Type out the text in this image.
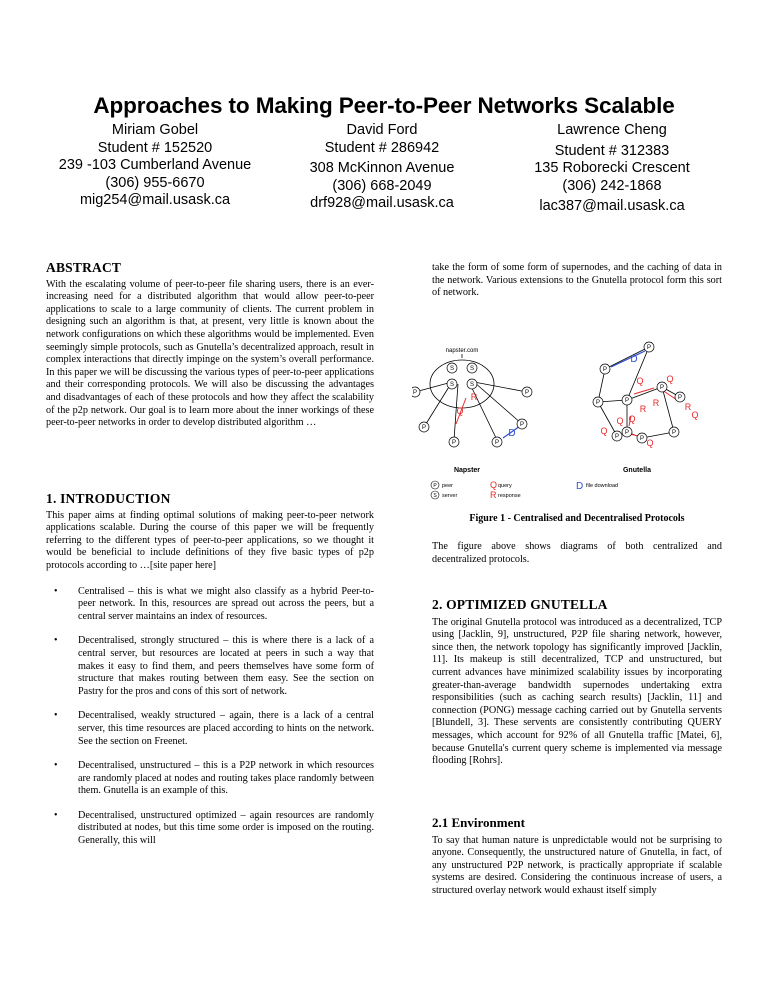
Approaches to Making Peer-to-Peer Networks Scalable
Miriam Gobel
Student # 152520
239 -103 Cumberland Avenue
(306) 955-6670
mig254@mail.usask.ca
David Ford
Student # 286942
308 McKinnon Avenue
(306) 668-2049
drf928@mail.usask.ca
Lawrence Cheng
Student # 312383
135 Roborecki Crescent
(306) 242-1868
lac387@mail.usask.ca
ABSTRACT

With the escalating volume of peer-to-peer file sharing users, there is an ever-increasing need for a distributed algorithm that would allow peer-to-peer applications to scale to a large community of clients. The current problem in designing such an algorithm is that, at present, very little is known about the network configurations on which these algorithms would be implemented. Even seemingly simple protocols, such as Gnutella’s decentralized approach, result in complex interactions that directly impinge on the system’s overall performance. In this paper we will be discussing the various types of peer-to-peer applications and their corresponding protocols. We will also be discussing the advantages and disadvantages of each of these protocols and how they affect the scalability of the p2p network. Our goal is to learn more about the inner workings of these peer-to-peer networks in order to develop distributed algorithm …

1. INTRODUCTION

This paper aims at finding optimal solutions of making peer-to-peer network applications scalable. During the course of this paper we will be frequently referring to the different types of peer-to-peer applications, so we thought it would be beneficial to include definitions of they five basic types of p2p protocols according to …[site paper here]

• Centralised – this is what we might also classify as a hybrid Peer-to-peer network. In this, resources are spread out across the peers, but a central server maintains an index of resources.
• Decentralised, strongly structured – this is where there is a lack of a central server, but resources are located at peers in such a way that makes it easy to find them, and peers themselves have some form of structure that makes routing between them easy. See the section on Pastry for the pros and cons of this sort of network.
• Decentralised, weakly structured – again, there is a lack of a central server, this time resources are placed according to hints on the network. See the section on Freenet.
• Decentralised, unstructured – this is a P2P network in which resources are randomly placed at nodes and routing takes place randomly between them. Gnutella is an example of this.
• Decentralised, unstructured optimized – again resources are randomly distributed at nodes, but this time some order is imposed on the routing. Generally, this will

take the form of some form of supernodes, and the caching of data in the network. Various extensions to the Gnutella protocol form this sort of network.

S	S
S	S
P
P
P
P
P	P
P
P
P
P
P
P
P
P
P
P
Q
R
Q	Q
R	R
Q
Q Q
Q
Q
R
D
D
napster.com
Napster	Gnutella
P peer
S server
Q query
R response
D file download

Figure 1 - Centralised and Decentralised Protocols

The figure above shows diagrams of both centralized and decentralized protocols.

2. OPTIMIZED GNUTELLA

The original Gnutella protocol was introduced as a decentralized, TCP using [Jacklin, 9], unstructured, P2P file sharing network, however, since then, the network topology has significantly improved [Jacklin, 11]. Its makeup is still decentralized, TCP and unstructured, but current advances have minimized scalability issues by incorporating greater-than-average bandwidth supernodes undertaking extra responsibilities (such as caching search results) [Jacklin, 11] and connection (PONG) message caching carried out by Gnutella servents [Blundell, 3]. These servents are consistently contributing QUERY messages, which account for 92% of all Gnutella traffic [Matei, 6], because Gnutella's current query scheme is implemented via message flooding [Rohrs].

2.1 Environment

To say that human nature is unpredictable would not be surprising to anyone. Consequently, the unstructured nature of Gnutella, in fact, of any unstructured P2P network, is practically appropriate if scalable systems are desired. Considering the continuous increase of users, a structured overlay network would exhaust itself simply
